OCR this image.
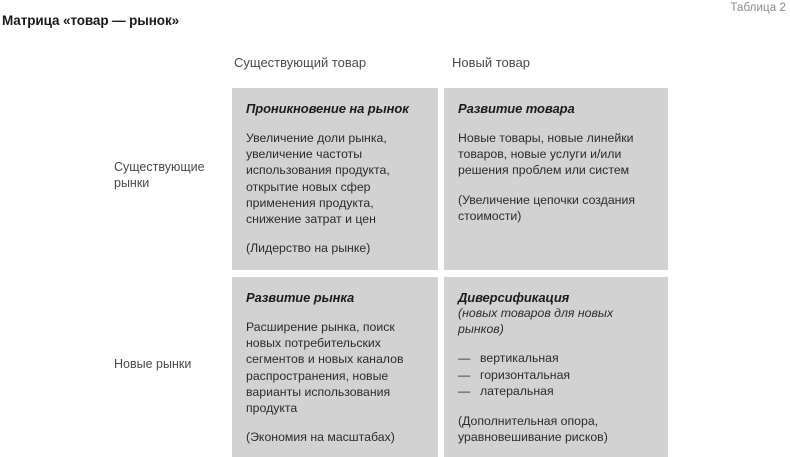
Таблица 2
Матрица «товар — рынок»
Существующий товар	Новый товар
Существующие рынки
Новые рынки
Проникновение на рынок
Увеличение доли рынка, увеличение частоты использования продукта, открытие новых сфер применения продукта, снижение затрат и цен
(Лидерство на рынке)
Развитие товара
Новые товары, новые линейки товаров, новые услуги и/или решения проблем или систем
(Увеличение цепочки создания стоимости)
Развитие рынка
Расширение рынка, поиск новых потребительских сегментов и новых каналов распространения, новые варианты использования продукта
(Экономия на масштабах)
Диверсификация
(новых товаров для новых рынков)
— вертикальная
— горизонтальная
— латеральная
(Дополнительная опора, уравновешивание рисков)
